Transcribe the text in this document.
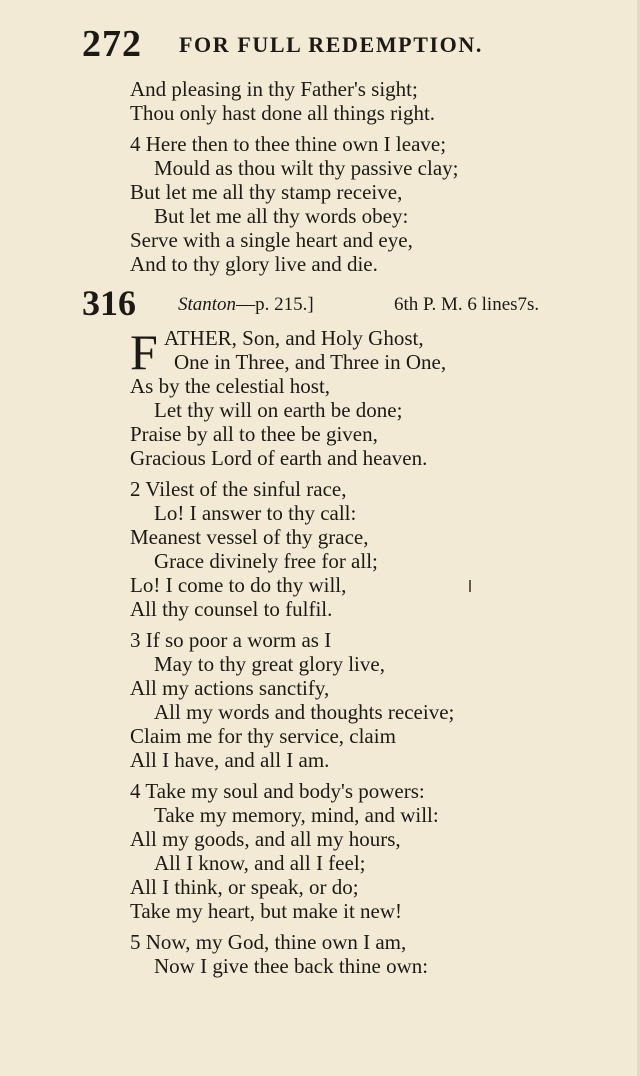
272 FOR FULL REDEMPTION.
And pleasing in thy Father's sight;
Thou only hast done all things right.
4 Here then to thee thine own I leave;
Mould as thou wilt thy passive clay;
But let me all thy stamp receive,
But let me all thy words obey:
Serve with a single heart and eye,
And to thy glory live and die.
316 Stanton—p. 215.]	6th P. M. 6 lines7s.
F ATHER, Son, and Holy Ghost,
One in Three, and Three in One,
As by the celestial host,
Let thy will on earth be done;
Praise by all to thee be given,
Gracious Lord of earth and heaven.
2 Vilest of the sinful race,
Lo! I answer to thy call:
Meanest vessel of thy grace,
Grace divinely free for all;
Lo! I come to do thy will,
All thy counsel to fulfil.
3 If so poor a worm as I
May to thy great glory live,
All my actions sanctify,
All my words and thoughts receive;
Claim me for thy service, claim
All I have, and all I am.
4 Take my soul and body's powers:
Take my memory, mind, and will:
All my goods, and all my hours,
All I know, and all I feel;
All I think, or speak, or do;
Take my heart, but make it new!
5 Now, my God, thine own I am,
Now I give thee back thine own:
